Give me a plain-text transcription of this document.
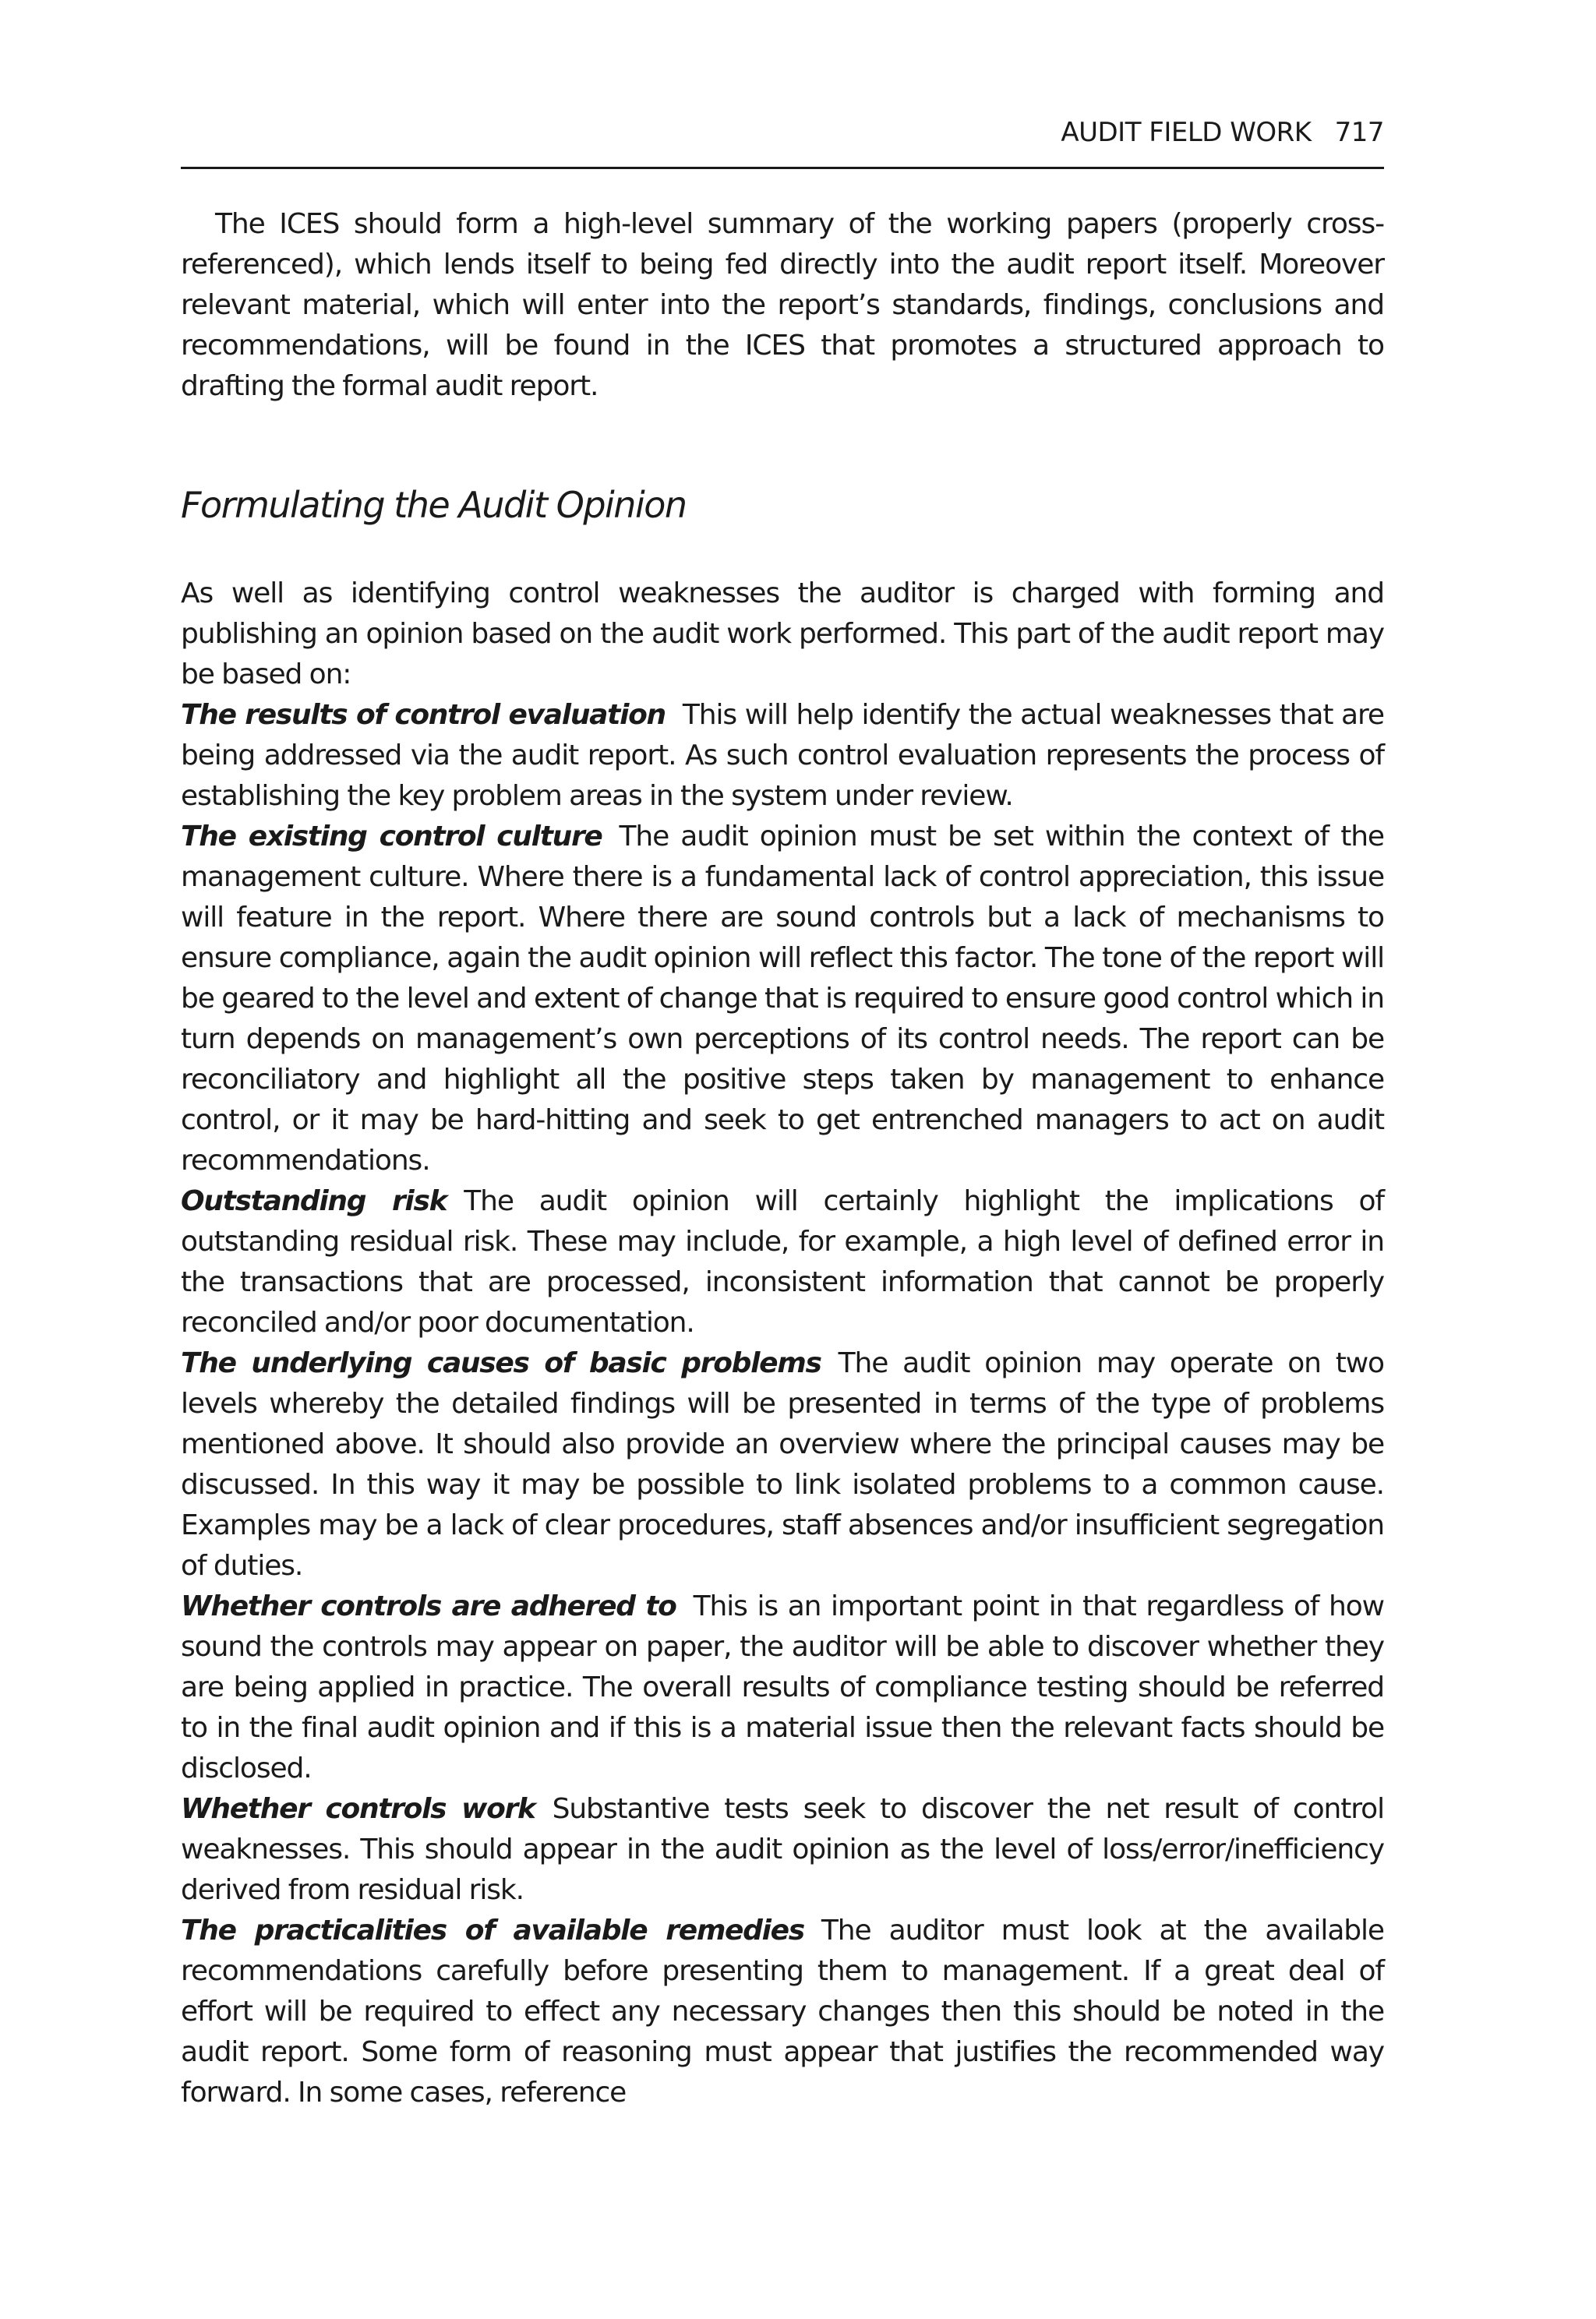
AUDIT FIELD WORK 717

The ICES should form a high-level summary of the working papers (properly cross-referenced), which lends itself to being fed directly into the audit report itself. Moreover relevant material, which will enter into the report’s standards, findings, conclusions and recommendations, will be found in the ICES that promotes a structured approach to drafting the formal audit report.

Formulating the Audit Opinion

As well as identifying control weaknesses the auditor is charged with forming and publishing an opinion based on the audit work performed. This part of the audit report may be based on:

The results of control evaluation This will help identify the actual weaknesses that are being addressed via the audit report. As such control evaluation represents the process of establishing the key problem areas in the system under review.

The existing control culture The audit opinion must be set within the context of the management culture. Where there is a fundamental lack of control appreciation, this issue will feature in the report. Where there are sound controls but a lack of mechanisms to ensure compliance, again the audit opinion will reflect this factor. The tone of the report will be geared to the level and extent of change that is required to ensure good control which in turn depends on management’s own perceptions of its control needs. The report can be reconciliatory and highlight all the positive steps taken by management to enhance control, or it may be hard-hitting and seek to get entrenched managers to act on audit recommendations.

Outstanding risk The audit opinion will certainly highlight the implications of outstanding residual risk. These may include, for example, a high level of defined error in the transactions that are processed, inconsistent information that cannot be properly reconciled and/or poor documentation.

The underlying causes of basic problems The audit opinion may operate on two levels whereby the detailed findings will be presented in terms of the type of problems mentioned above. It should also provide an overview where the principal causes may be discussed. In this way it may be possible to link isolated problems to a common cause. Examples may be a lack of clear procedures, staff absences and/or insufficient segregation of duties.

Whether controls are adhered to This is an important point in that regardless of how sound the controls may appear on paper, the auditor will be able to discover whether they are being applied in practice. The overall results of compliance testing should be referred to in the final audit opinion and if this is a material issue then the relevant facts should be disclosed.

Whether controls work Substantive tests seek to discover the net result of control weaknesses. This should appear in the audit opinion as the level of loss/error/inefficiency derived from residual risk.

The practicalities of available remedies The auditor must look at the available recommendations carefully before presenting them to management. If a great deal of effort will be required to effect any necessary changes then this should be noted in the audit report. Some form of reasoning must appear that justifies the recommended way forward. In some cases, reference
